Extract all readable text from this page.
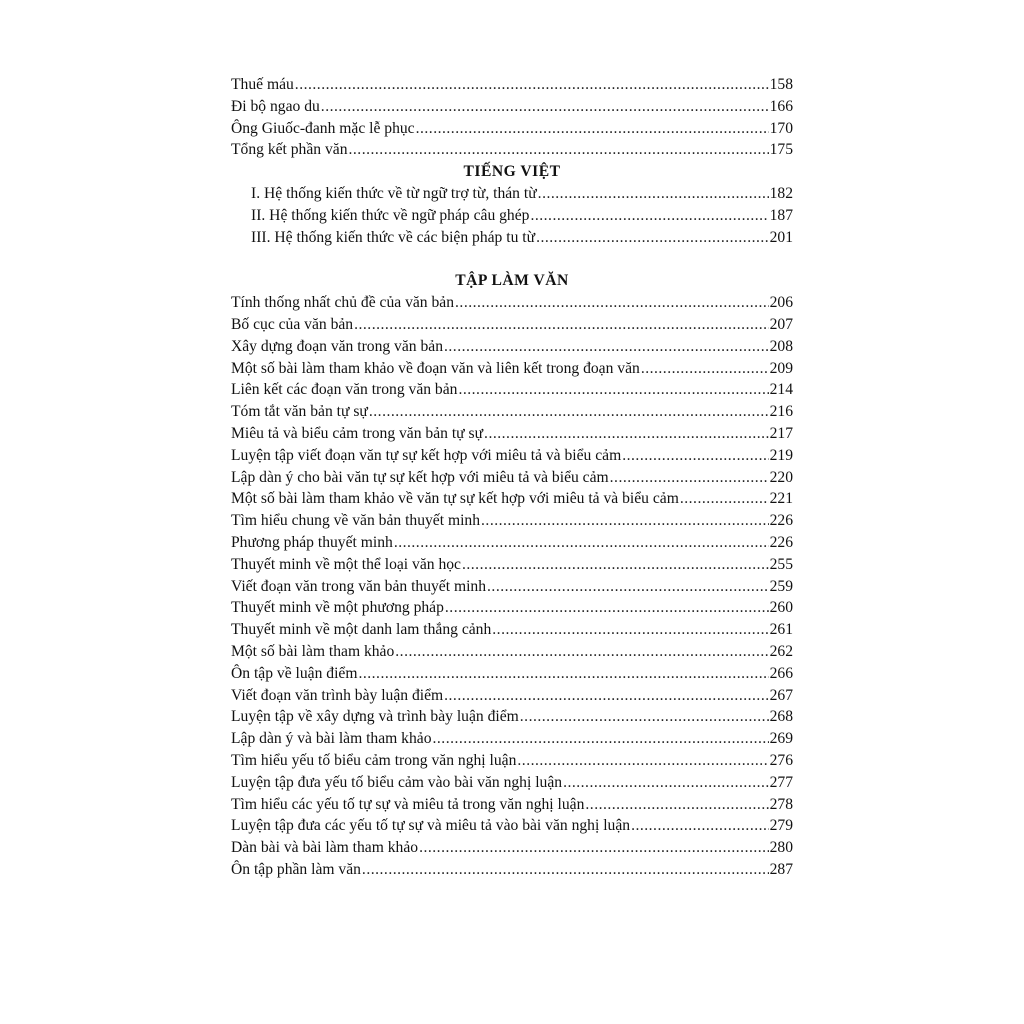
Thuế máu .....	158
Đi bộ ngao du .....	166
Ông Giuốc-đanh mặc lễ phục .....	170
Tổng kết phần văn .....	175
TIẾNG VIỆT
I. Hệ thống kiến thức về từ ngữ trợ từ, thán từ .....	182
II. Hệ thống kiến thức về ngữ pháp câu ghép .....	187
III. Hệ thống kiến thức về các biện pháp tu từ .....	201
TẬP LÀM VĂN
Tính thống nhất chủ đề của văn bản .....	206
Bố cục của văn bản .....	207
Xây dựng đoạn văn trong văn bản .....	208
Một số bài làm tham khảo về đoạn văn và liên kết trong đoạn văn .....	209
Liên kết các đoạn văn trong văn bản .....	214
Tóm tắt văn bản tự sự .....	216
Miêu tả và biểu cảm trong văn bản tự sự .....	217
Luyện tập viết đoạn văn tự sự kết hợp với miêu tả và biểu cảm .....	219
Lập dàn ý cho bài văn tự sự kết hợp với miêu tả và biểu cảm .....	220
Một số bài làm tham khảo về văn tự sự kết hợp với miêu tả và biểu cảm .....	221
Tìm hiểu chung về văn bản thuyết minh .....	226
Phương pháp thuyết minh .....	226
Thuyết minh về một thể loại văn học .....	255
Viết đoạn văn trong văn bản thuyết minh .....	259
Thuyết minh về một phương pháp .....	260
Thuyết minh về một danh lam thắng cảnh .....	261
Một số bài làm tham khảo .....	262
Ôn tập về luận điểm .....	266
Viết đoạn văn trình bày luận điểm .....	267
Luyện tập về xây dựng và trình bày luận điểm .....	268
Lập dàn ý và bài làm tham khảo .....	269
Tìm hiểu yếu tố biểu cảm trong văn nghị luận .....	276
Luyện tập đưa yếu tố biểu cảm vào bài văn nghị luận .....	277
Tìm hiểu các yếu tố tự sự và miêu tả trong văn nghị luận .....	278
Luyện tập đưa các yếu tố tự sự và miêu tả vào bài văn nghị luận .....	279
Dàn bài và bài làm tham khảo .....	280
Ôn tập phần làm văn .....	287
